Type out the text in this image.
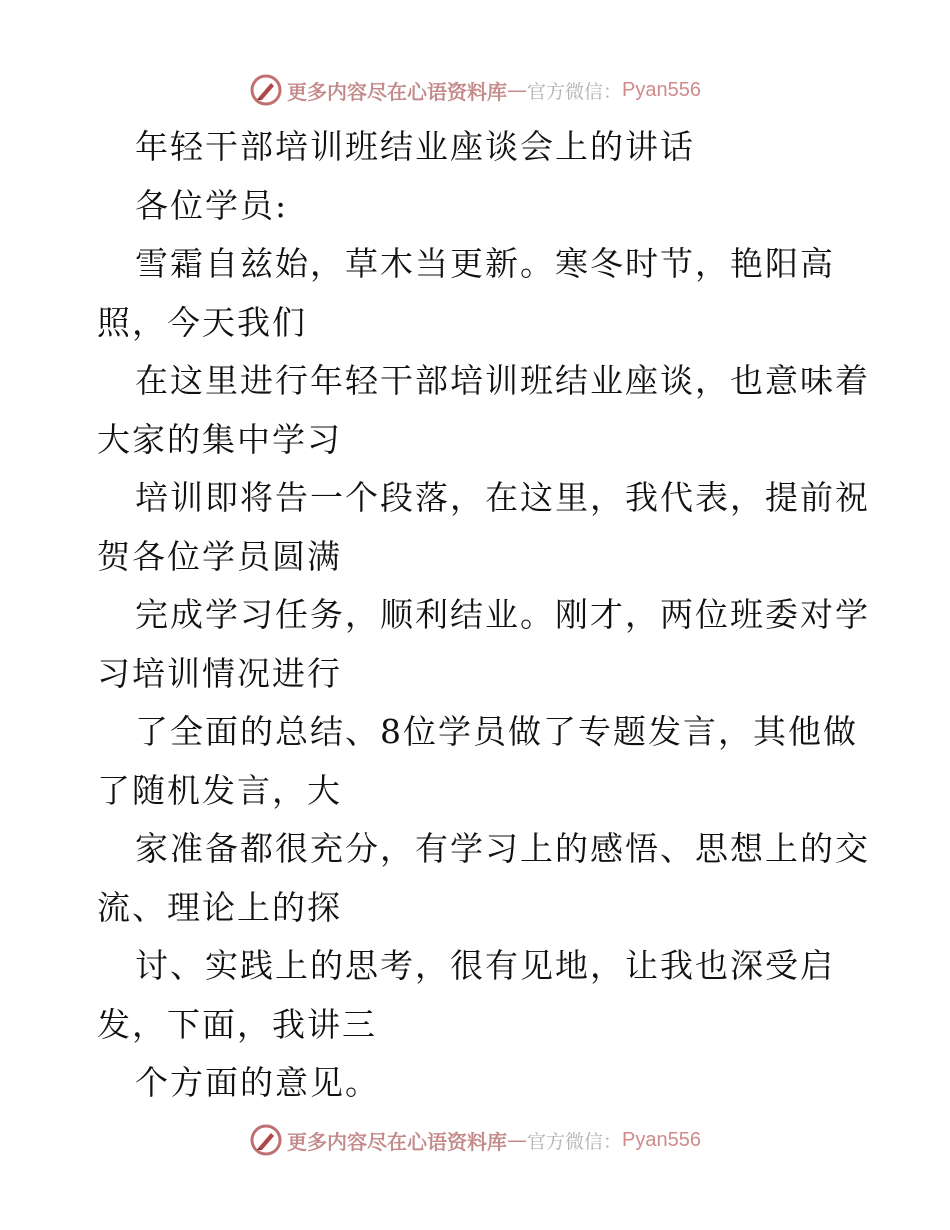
更多内容尽在心语资料库 — 官方微信： Pyan556
年轻干部培训班结业座谈会上的讲话
各位学员:
雪霜自兹始，草木当更新。寒冬时节，艳阳高
照，今天我们
在这里进行年轻干部培训班结业座谈，也意味着
大家的集中学习
培训即将告一个段落，在这里，我代表，提前祝
贺各位学员圆满
完成学习任务，顺利结业。刚才，两位班委对学
习培训情况进行
了全面的总结、8位学员做了专题发言，其他做
了随机发言，大
家准备都很充分，有学习上的感悟、思想上的交
流、理论上的探
讨、实践上的思考，很有见地，让我也深受启
发，下面，我讲三
个方面的意见。
更多内容尽在心语资料库 — 官方微信： Pyan556
